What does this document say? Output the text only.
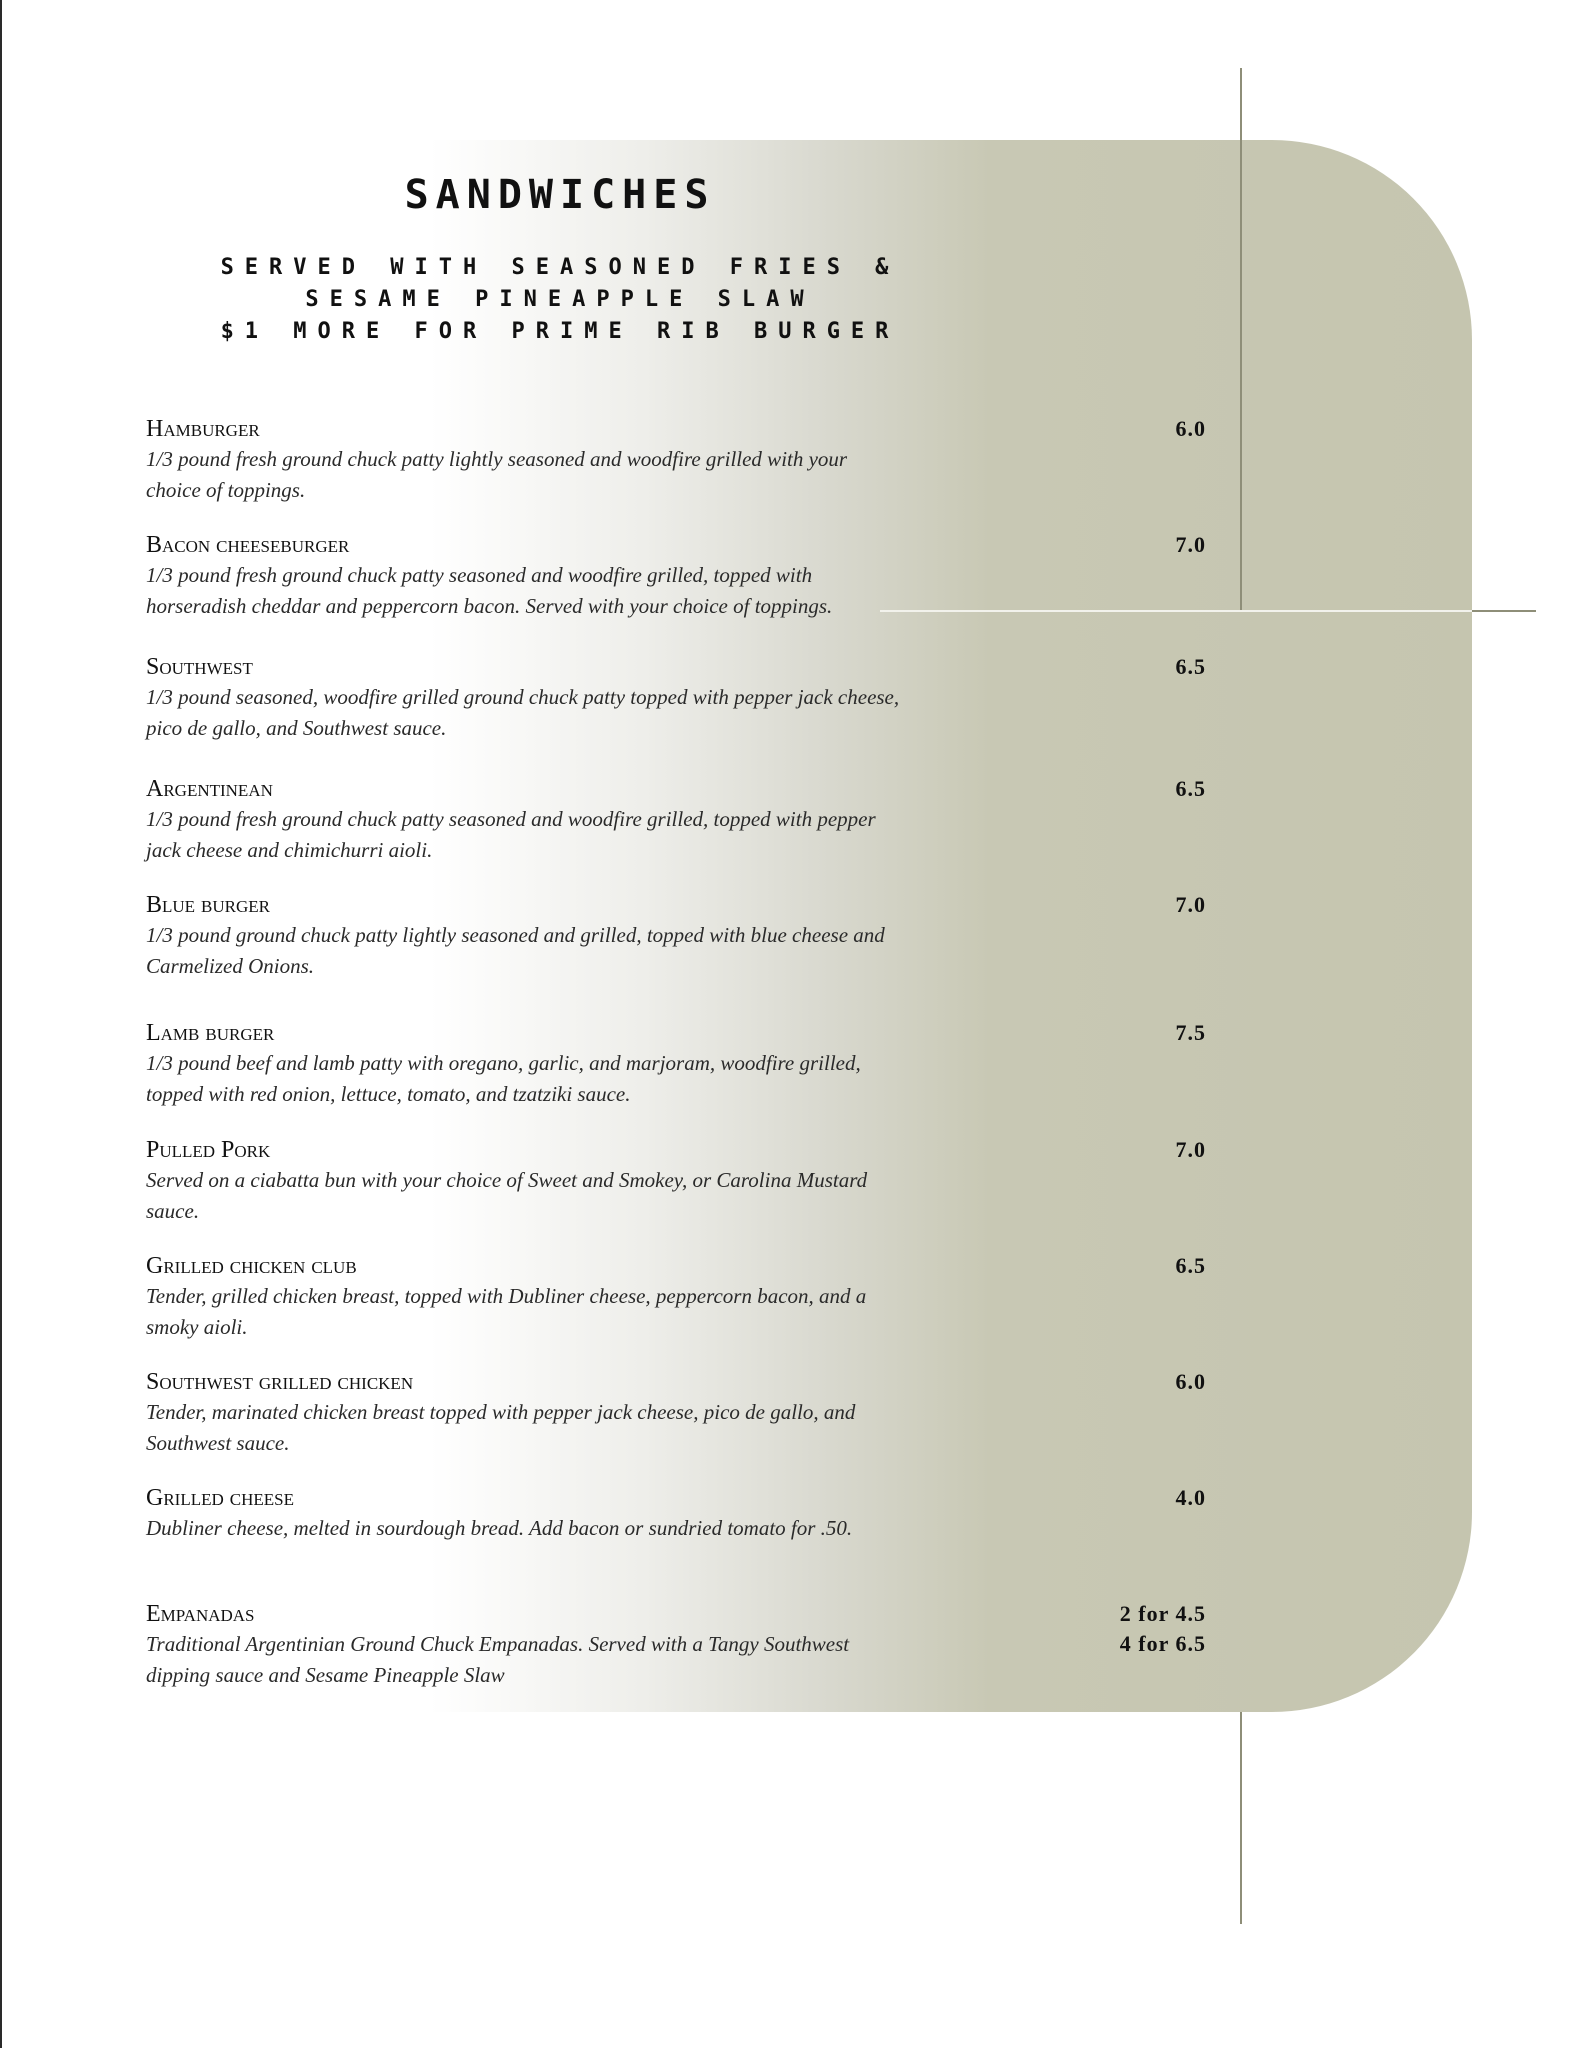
SANDWICHES
SERVED WITH SEASONED FRIES &
SESAME PINEAPPLE SLAW
$1 MORE FOR PRIME RIB BURGER
Hamburger
1/3 pound fresh ground chuck patty lightly seasoned and woodfire grilled with your choice of toppings.
6.0
Bacon cheeseburger
1/3 pound fresh ground chuck patty seasoned and woodfire grilled, topped with horseradish cheddar and peppercorn bacon. Served with your choice of toppings.
7.0
Southwest
1/3 pound seasoned, woodfire grilled ground chuck patty topped with pepper jack cheese, pico de gallo, and Southwest sauce.
6.5
Argentinean
1/3 pound fresh ground chuck patty seasoned and woodfire grilled, topped with pepper jack cheese and chimichurri aioli.
6.5
Blue burger
1/3 pound ground chuck patty lightly seasoned and grilled, topped with blue cheese and Carmelized Onions.
7.0
Lamb burger
1/3 pound beef and lamb patty with oregano, garlic, and marjoram, woodfire grilled, topped with red onion, lettuce, tomato, and tzatziki sauce.
7.5
Pulled Pork
Served on a ciabatta bun with your choice of Sweet and Smokey, or Carolina Mustard sauce.
7.0
Grilled chicken club
Tender, grilled chicken breast, topped with Dubliner cheese, peppercorn bacon, and a smoky aioli.
6.5
Southwest grilled chicken
Tender, marinated chicken breast topped with pepper jack cheese, pico de gallo, and Southwest sauce.
6.0
Grilled cheese
Dubliner cheese, melted in sourdough bread. Add bacon or sundried tomato for .50.
4.0
Empanadas
Traditional Argentinian Ground Chuck Empanadas. Served with a Tangy Southwest dipping sauce and Sesame Pineapple Slaw
2 for 4.5
4 for 6.5
